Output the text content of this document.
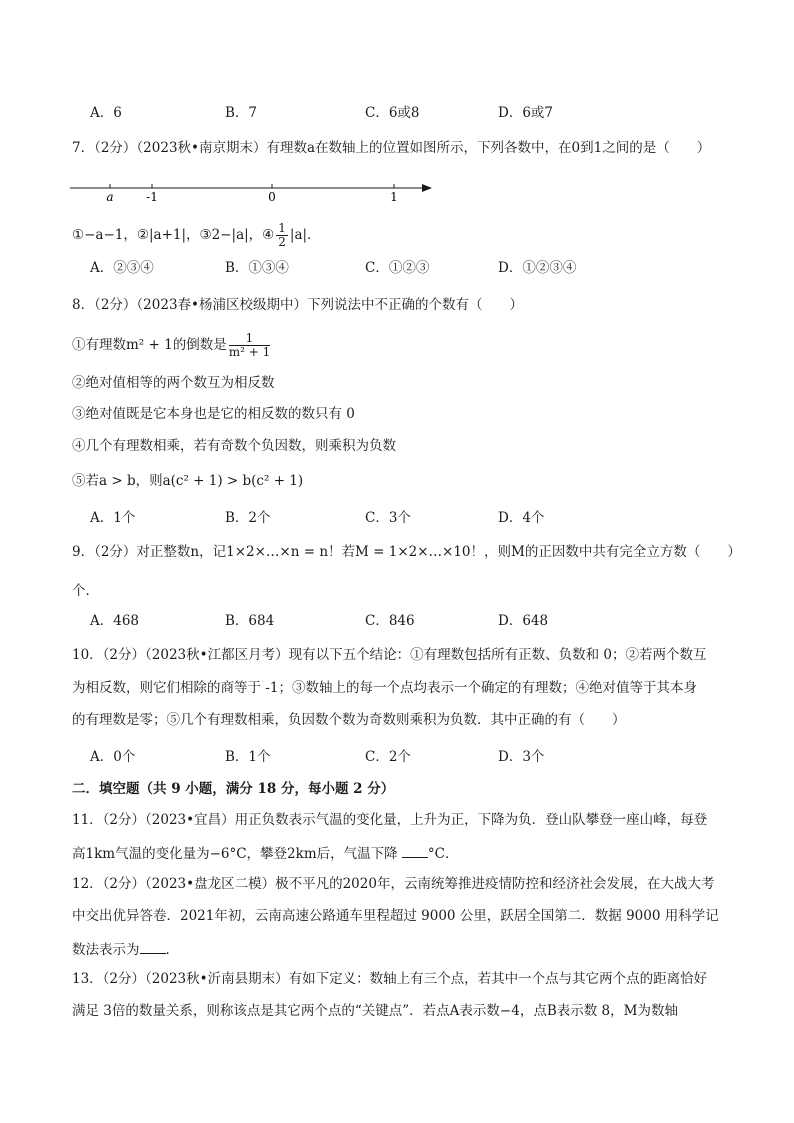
A．6	B．7	C．6或8	D．6或7
7．（2分）（2023秋•南京期末）有理数a在数轴上的位置如图所示，下列各数中，在0到1之间的是（　　）
a	-1	0	1
①−a−1，②|a+1|，③2−|a|，④ $\frac{1}{2} |a|$．
A．②③④	B．①③④	C．①②③	D．①②③④
8．（2分）（2023春•杨浦区校级期中）下列说法中不正确的个数有（　　）
①有理数m² + 1的倒数是 $\frac{1}{\text{m² + 1}}$
②绝对值相等的两个数互为相反数
③绝对值既是它本身也是它的相反数的数只有 0
④几个有理数相乘，若有奇数个负因数，则乘积为负数
⑤若a > b，则a(c² + 1) > b(c² + 1)
A．1个	B．2个	C．3个	D．4个
9．（2分）对正整数n，记1×2×…×n = n！若M = 1×2×…×10！，则M的正因数中共有完全立方数（　　）
个．
A．468	B．684	C．846	D．648
10．（2分）（2023秋•江都区月考）现有以下五个结论：①有理数包括所有正数、负数和 0；②若两个数互
为相反数，则它们相除的商等于 -1；③数轴上的每一个点均表示一个确定的有理数；④绝对值等于其本身
的有理数是零；⑤几个有理数相乘，负因数个数为奇数则乘积为负数．其中正确的有（　　）
A．0个	B．1个	C．2个	D．3个
二．填空题（共 9 小题，满分 18 分，每小题 2 分）
11．（2分）（2023•宜昌）用正负数表示气温的变化量，上升为正，下降为负．登山队攀登一座山峰，每登
高1km气温的变化量为−6°C，攀登2km后，气温下降 °C．
12．（2分）（2023•盘龙区二模）极不平凡的2020年，云南统筹推进疫情防控和经济社会发展，在大战大考
中交出优异答卷．2021年初，云南高速公路通车里程超过 9000 公里，跃居全国第二．数据 9000 用科学记
数法表示为 ．
13．（2分）（2023秋•沂南县期末）有如下定义：数轴上有三个点，若其中一个点与其它两个点的距离恰好
满足 3倍的数量关系，则称该点是其它两个点的“关键点”．若点A表示数−4，点B表示数 8，M为数轴
